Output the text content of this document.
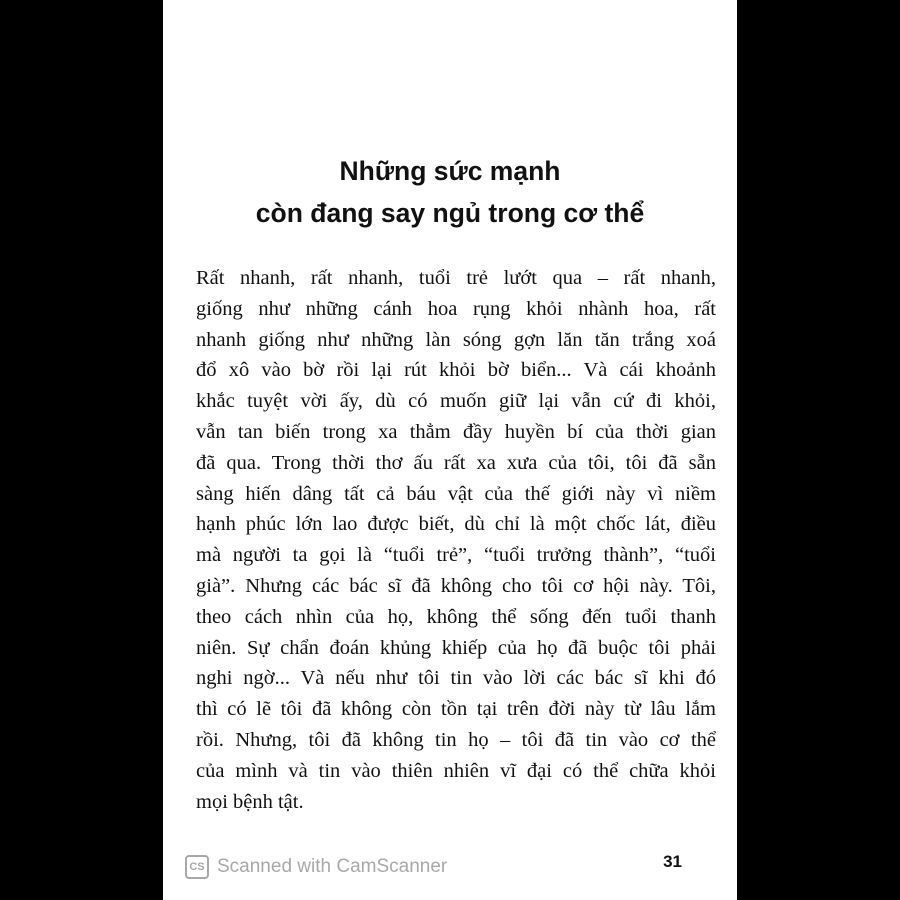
Những sức mạnh
còn đang say ngủ trong cơ thể
Rất nhanh, rất nhanh, tuổi trẻ lướt qua – rất nhanh,
giống như những cánh hoa rụng khỏi nhành hoa, rất
nhanh giống như những làn sóng gợn lăn tăn trắng xoá
đổ xô vào bờ rồi lại rút khỏi bờ biển... Và cái khoảnh
khắc tuyệt vời ấy, dù có muốn giữ lại vẫn cứ đi khỏi,
vẫn tan biến trong xa thẳm đầy huyền bí của thời gian
đã qua. Trong thời thơ ấu rất xa xưa của tôi, tôi đã sẵn
sàng hiến dâng tất cả báu vật của thế giới này vì niềm
hạnh phúc lớn lao được biết, dù chỉ là một chốc lát, điều
mà người ta gọi là “tuổi trẻ”, “tuổi trưởng thành”, “tuổi
già”. Nhưng các bác sĩ đã không cho tôi cơ hội này. Tôi,
theo cách nhìn của họ, không thể sống đến tuổi thanh
niên. Sự chẩn đoán khủng khiếp của họ đã buộc tôi phải
nghi ngờ... Và nếu như tôi tin vào lời các bác sĩ khi đó
thì có lẽ tôi đã không còn tồn tại trên đời này từ lâu lắm
rồi. Nhưng, tôi đã không tin họ – tôi đã tin vào cơ thể
của mình và tin vào thiên nhiên vĩ đại có thể chữa khỏi
mọi bệnh tật.
CS Scanned with CamScanner	31
